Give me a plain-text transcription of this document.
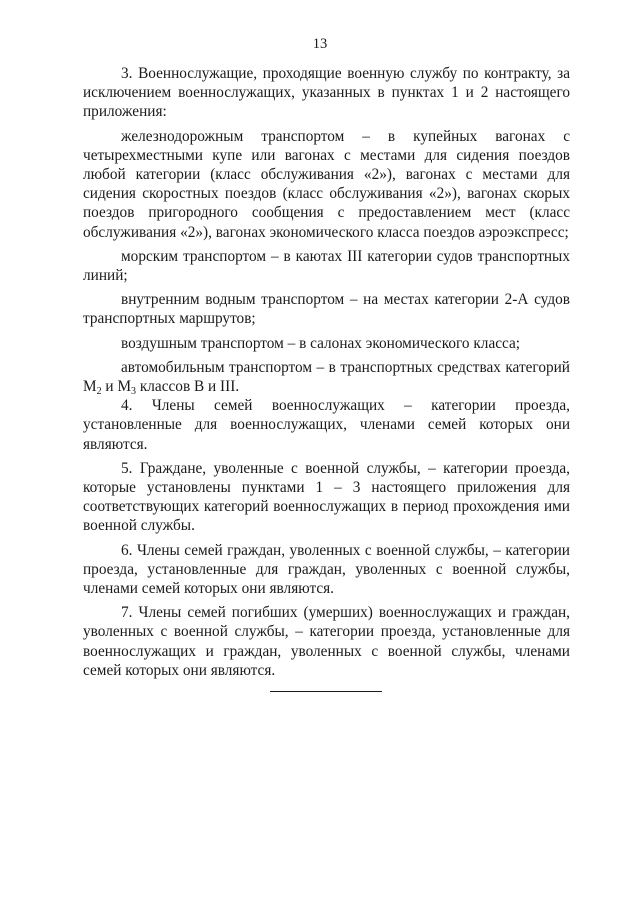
13

3. Военнослужащие, проходящие военную службу по контракту, за исключением военнослужащих, указанных в пунктах 1 и 2 настоящего приложения:

железнодорожным транспортом – в купейных вагонах с четырехместными купе или вагонах с местами для сидения поездов любой категории (класс обслуживания «2»), вагонах с местами для сидения скоростных поездов (класс обслуживания «2»), вагонах скорых поездов пригородного сообщения с предоставлением мест (класс обслуживания «2»), вагонах экономического класса поездов аэроэкспресс;

морским транспортом – в каютах III категории судов транспортных линий;

внутренним водным транспортом – на местах категории 2-А судов транспортных маршрутов;

воздушным транспортом – в салонах экономического класса;

автомобильным транспортом – в транспортных средствах категорий $M_2$ и $M_3$ классов В и III.

4. Члены семей военнослужащих – категории проезда, установленные для военнослужащих, членами семей которых они являются.

5. Граждане, уволенные с военной службы, – категории проезда, которые установлены пунктами 1 – 3 настоящего приложения для соответствующих категорий военнослужащих в период прохождения ими военной службы.

6. Члены семей граждан, уволенных с военной службы, – категории проезда, установленные для граждан, уволенных с военной службы, членами семей которых они являются.

7. Члены семей погибших (умерших) военнослужащих и граждан, уволенных с военной службы, – категории проезда, установленные для военнослужащих и граждан, уволенных с военной службы, членами семей которых они являются.
